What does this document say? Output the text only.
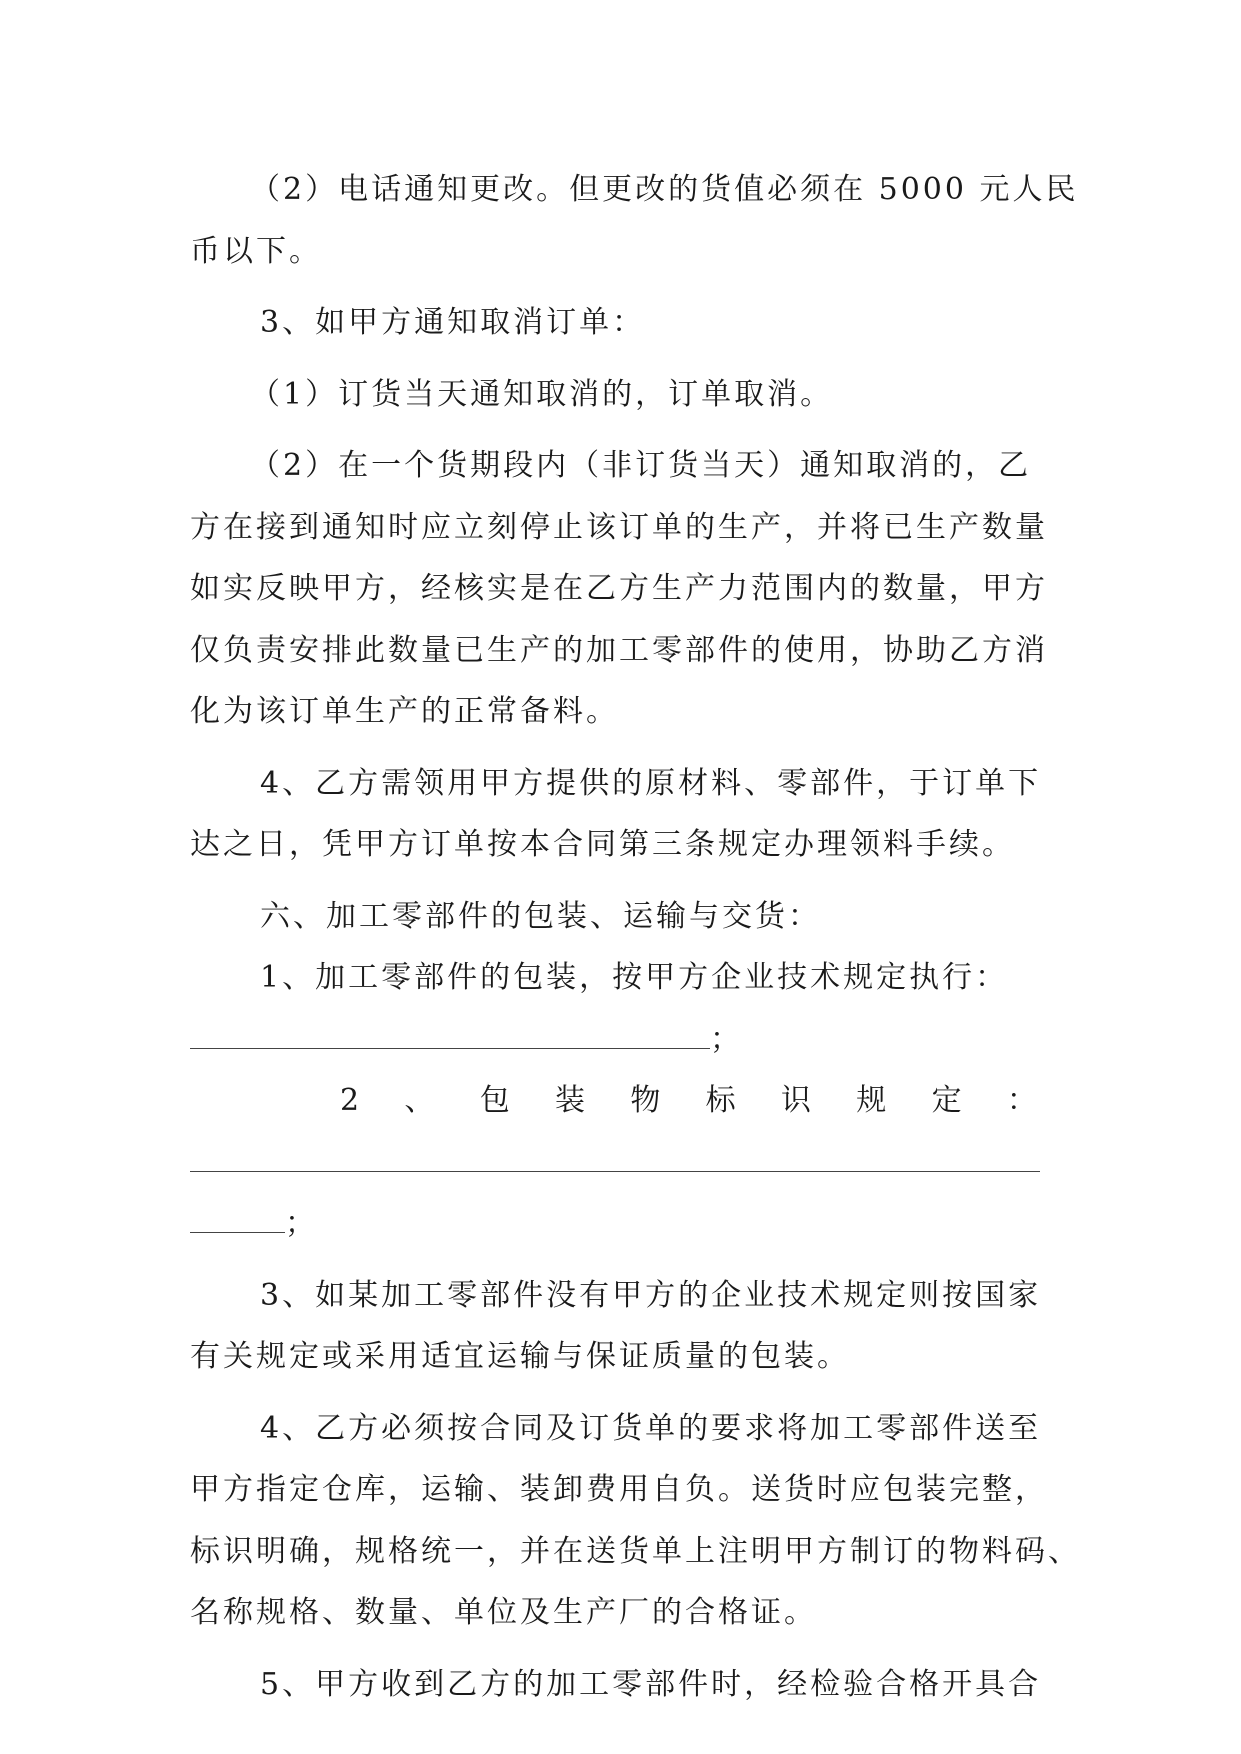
（2）电话通知更改。但更改的货值必须在 5000 元人民
币以下。
3、如甲方通知取消订单：
（1）订货当天通知取消的，订单取消。
（2）在一个货期段内（非订货当天）通知取消的，乙
方在接到通知时应立刻停止该订单的生产，并将已生产数量
如实反映甲方，经核实是在乙方生产力范围内的数量，甲方
仅负责安排此数量已生产的加工零部件的使用，协助乙方消
化为该订单生产的正常备料。
4、乙方需领用甲方提供的原材料、零部件，于订单下
达之日，凭甲方订单按本合同第三条规定办理领料手续。
六、加工零部件的包装、运输与交货：
1、加工零部件的包装，按甲方企业技术规定执行：
；
2 、 包 装 物 标 识 规 定 ：
；
3、如某加工零部件没有甲方的企业技术规定则按国家
有关规定或采用适宜运输与保证质量的包装。
4、乙方必须按合同及订货单的要求将加工零部件送至
甲方指定仓库，运输、装卸费用自负。送货时应包装完整，
标识明确，规格统一，并在送货单上注明甲方制订的物料码、
名称规格、数量、单位及生产厂的合格证。
5、甲方收到乙方的加工零部件时，经检验合格开具合
